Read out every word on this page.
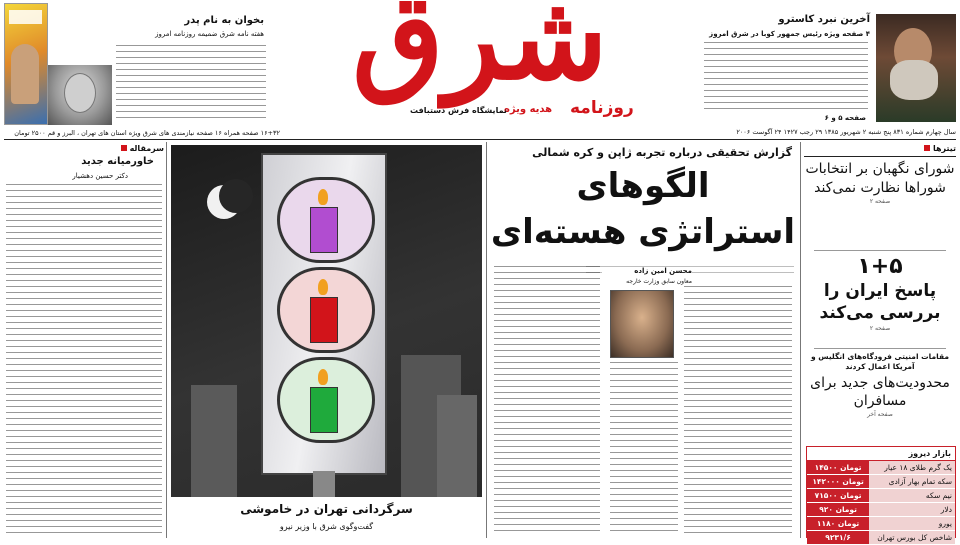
بخوان به نام پدر
هفته نامه شرق ضمیمه روزنامه امروز شرق
روزنامه
هدیه ویژه
نمایشگاه فرش دستبافت
سال چهارم شماره ۸۳۱ پنج شنبه ۲ شهریور ۱۳۸۵ ۲۹ رجب ۱۴۲۷ ۲۴ آگوست ۲۰۰۶
۱۶+۳۲ صفحه همراه ۱۶ صفحه نیازمندی های شرق ویژه استان های تهران ، البرز و قم ۲۵۰۰ تومان
آخرین نبرد کاسترو
۴ صفحه ویژه رئیس جمهور کوبا در شرق امروز
صفحه ۵ و ۶
سرمقاله
خاورمیانه جدید
دکتر حسین دهشیار
سرگردانی تهران در خاموشی
گفت‌وگوی شرق با وزیر نیرو
گزارش تحقیقی درباره تجربه ژاپن و کره شمالی
الگوهای
استراتژی هسته‌ای
محسن امین زاده
معاون سابق وزارت خارجه
تیترها
شورای نگهبان بر انتخابات شوراها نظارت نمی‌کند
صفحه ۲
۱+۵
پاسخ ایران را بررسی می‌کند
صفحه ۲
مقامات امنیتی فرودگاه‌های انگلیس و آمریکا اعمال کردند
محدودیت‌های جدید برای مسافران
صفحه آخر
بازار دیروز
۱۴۵۰۰ تومان	یک گرم طلای ۱۸ عیار
۱۴۲۰۰۰ تومان	سکه تمام بهار آزادی
۷۱۵۰۰ تومان	نیم سکه
۹۲۰ تومان	دلار
۱۱۸۰ تومان	یورو
۹۲۳۱/۶	شاخص کل بورس تهران
